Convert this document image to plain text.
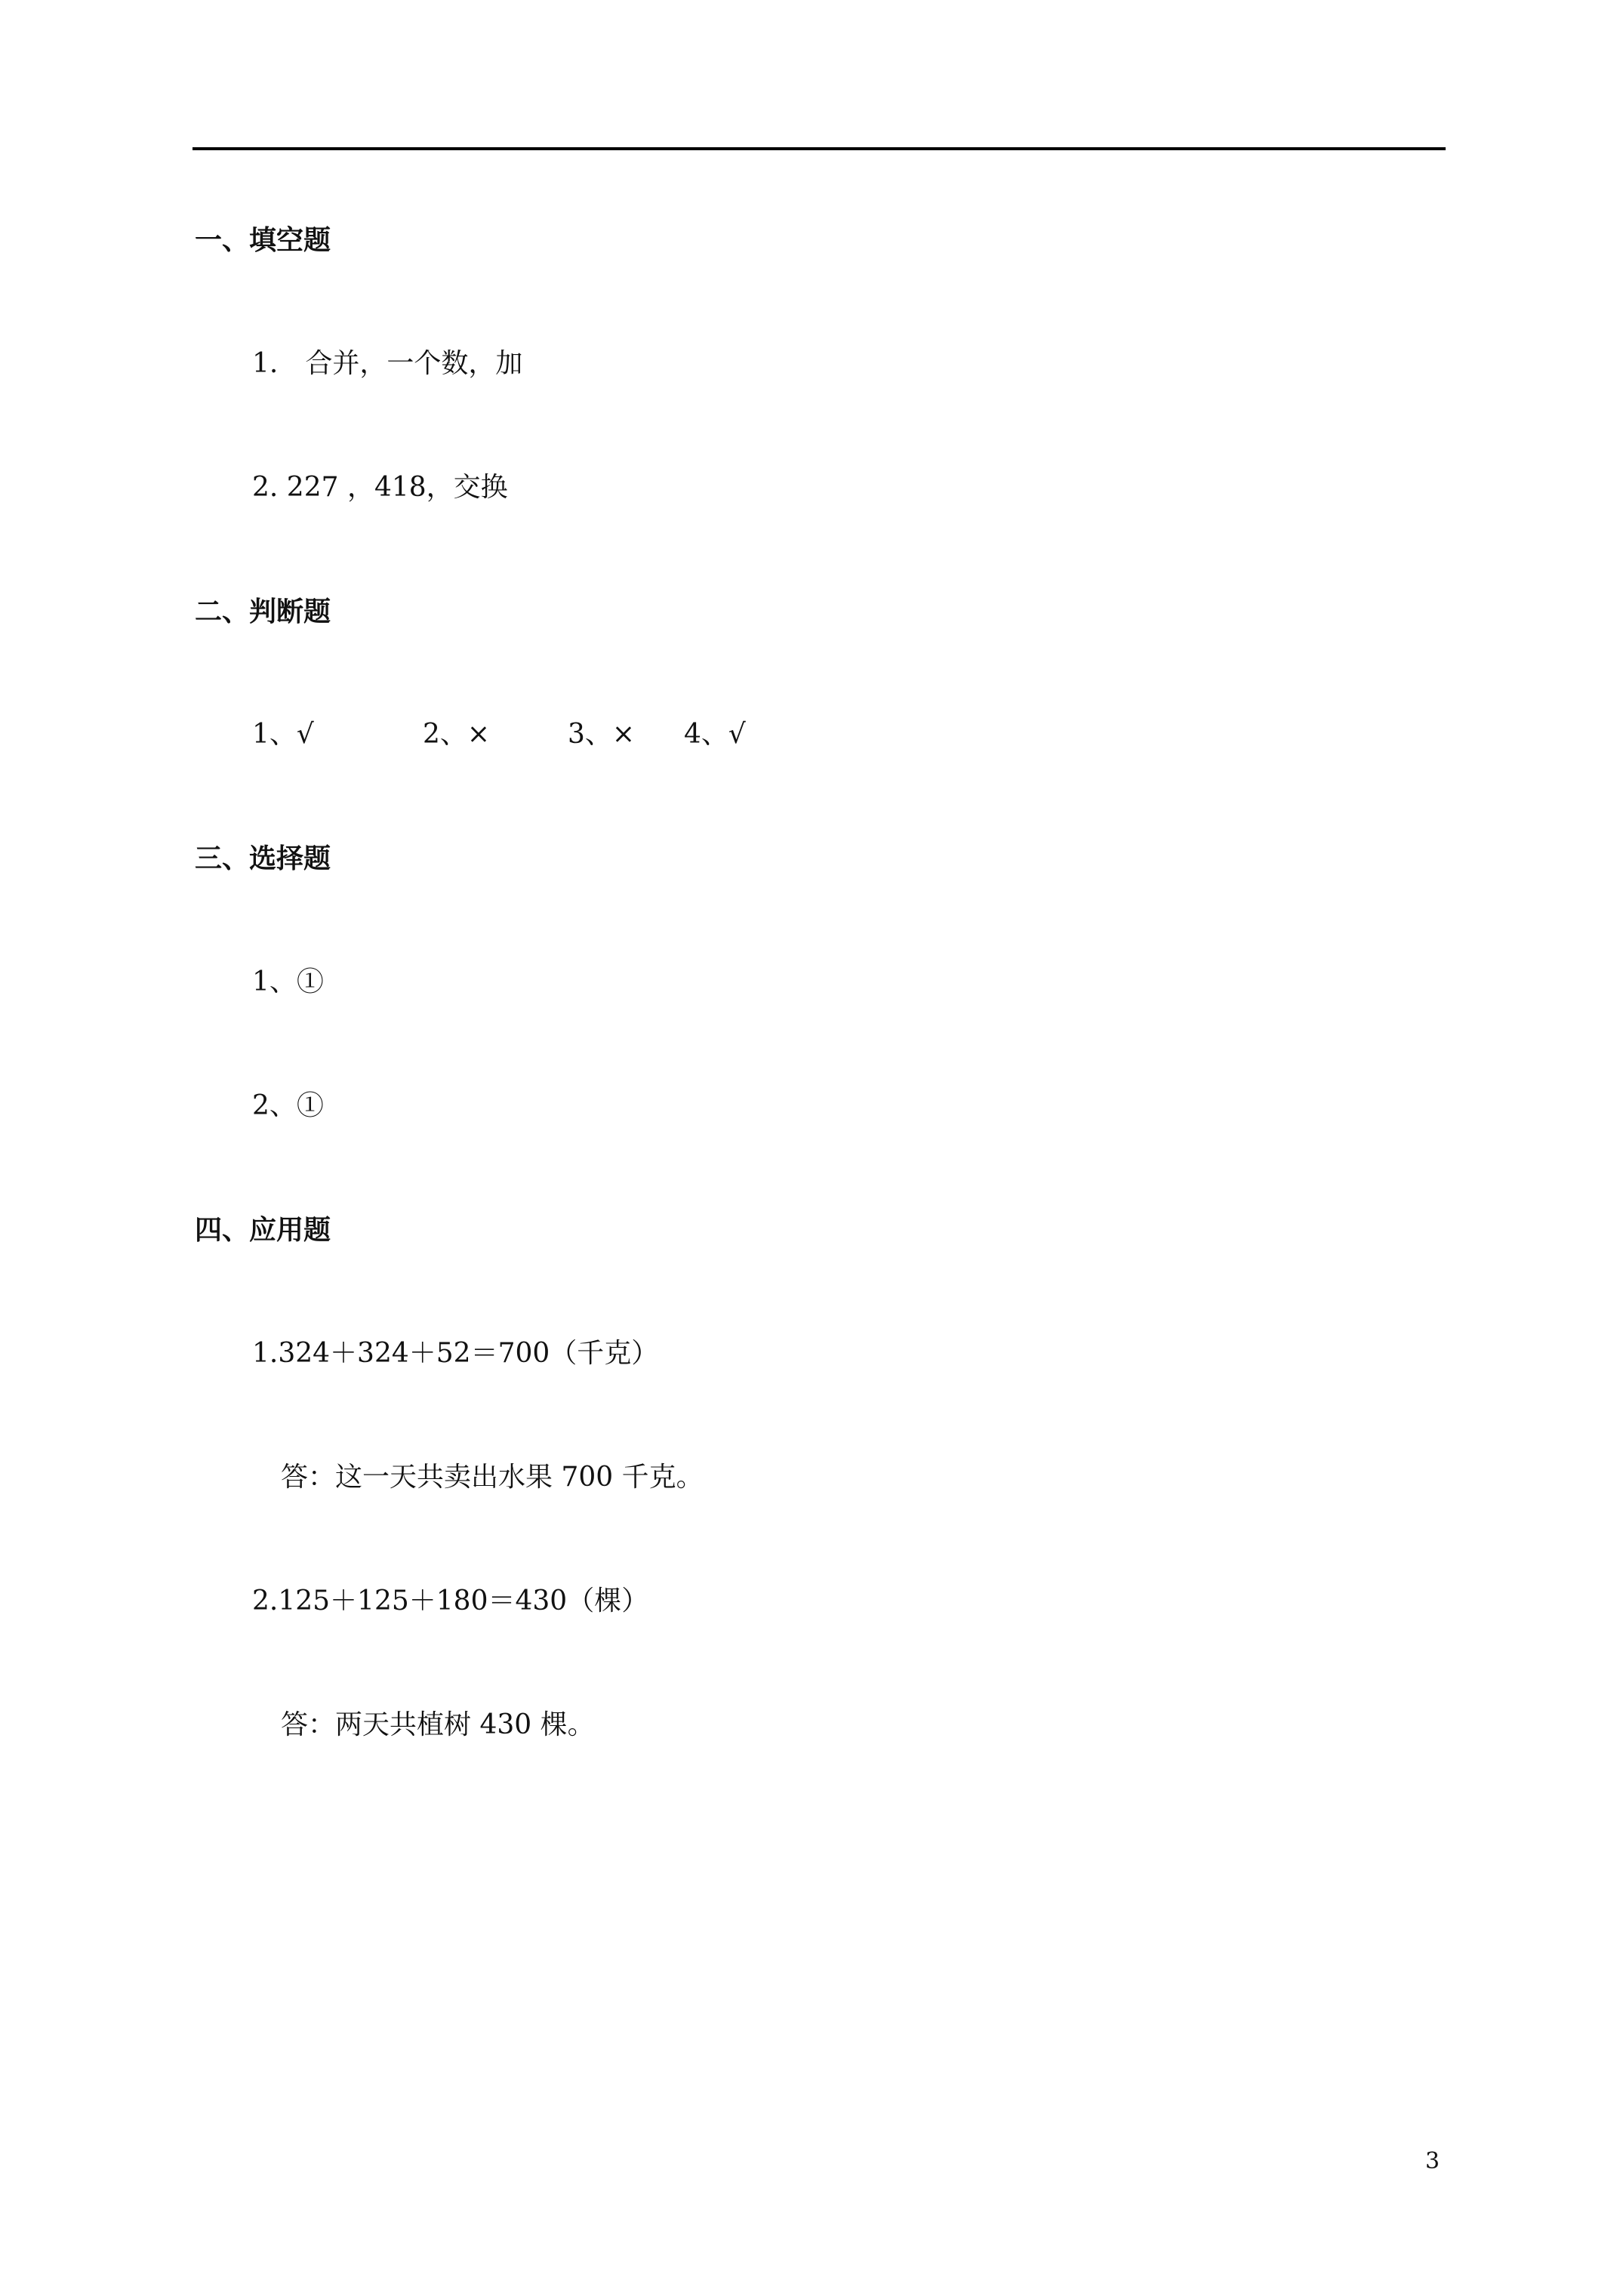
一、填空题

1.　合并，一个数，加

2. 227 ，418，交换

二、判断题

1、√	2、×	3、× 4、√

三、选择题

1、①

2、①

四、应用题

1.324＋324＋52＝700（千克）

答：这一天共卖出水果 700 千克。

2.125＋125＋180＝430（棵）

答：两天共植树 430 棵。

3
